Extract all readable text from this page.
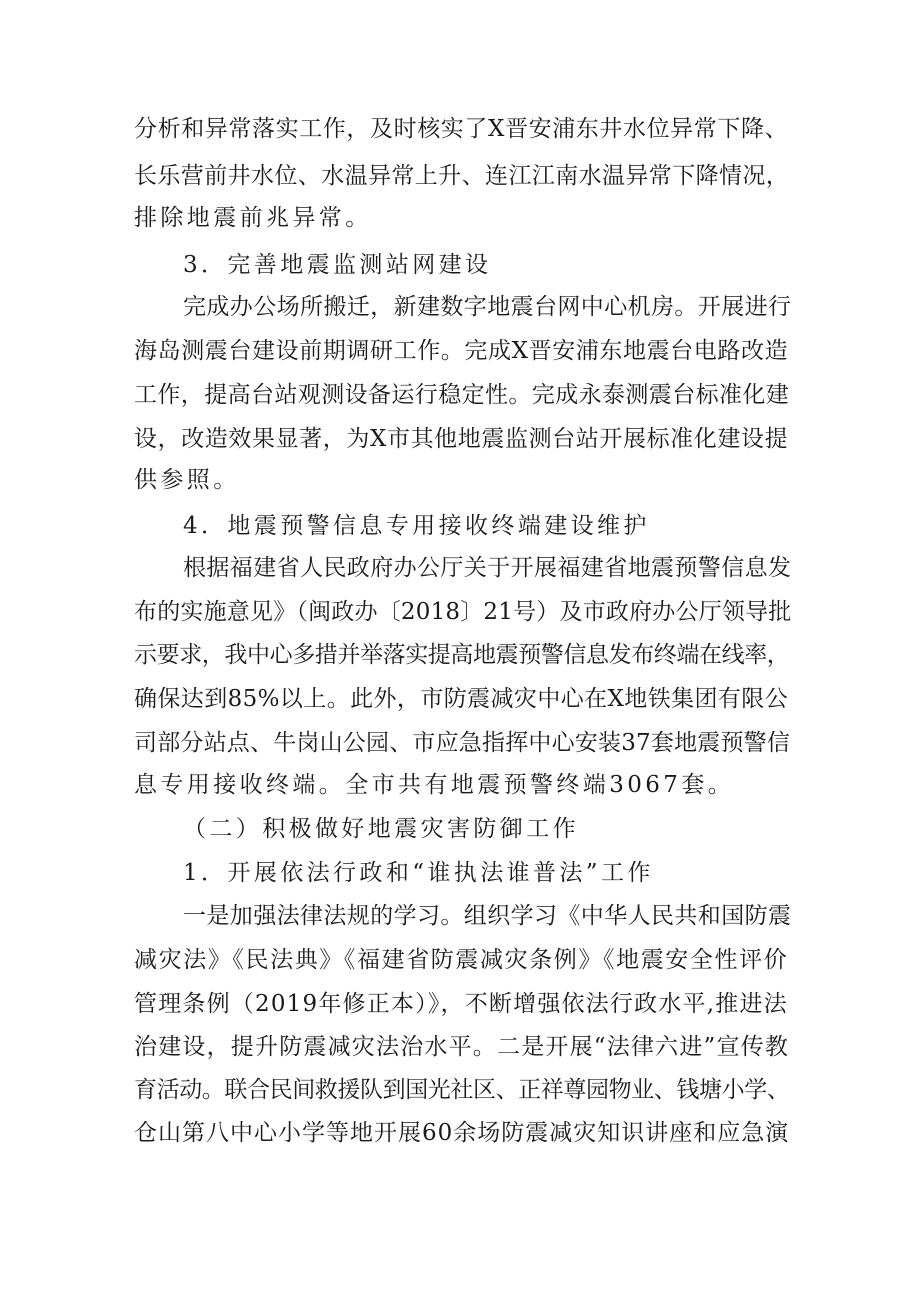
分析和异常落实工作，及时核实了X晋安浦东井水位异常下降、
长乐营前井水位、水温异常上升、连江江南水温异常下降情况，
排除地震前兆异常。
3．完善地震监测站网建设
完成办公场所搬迁，新建数字地震台网中心机房。开展进行
海岛测震台建设前期调研工作。完成X晋安浦东地震台电路改造
工作，提高台站观测设备运行稳定性。完成永泰测震台标准化建
设，改造效果显著，为X市其他地震监测台站开展标准化建设提
供参照。
4．地震预警信息专用接收终端建设维护
根据福建省人民政府办公厅关于开展福建省地震预警信息发
布的实施意见》（闽政办〔2018〕21号）及市政府办公厅领导批
示要求，我中心多措并举落实提高地震预警信息发布终端在线率，
确保达到85%以上。此外，市防震减灾中心在X地铁集团有限公
司部分站点、牛岗山公园、市应急指挥中心安装37套地震预警信
息专用接收终端。全市共有地震预警终端3067套。
（二）积极做好地震灾害防御工作
1．开展依法行政和“谁执法谁普法”工作
一是加强法律法规的学习。组织学习《中华人民共和国防震
减灾法》《民法典》《福建省防震减灾条例》《地震安全性评价
管理条例（2019年修正本）》，不断增强依法行政水平,推进法
治建设，提升防震减灾法治水平。二是开展“法律六进”宣传教
育活动。联合民间救援队到国光社区、正祥尊园物业、钱塘小学、
仓山第八中心小学等地开展60余场防震减灾知识讲座和应急演
